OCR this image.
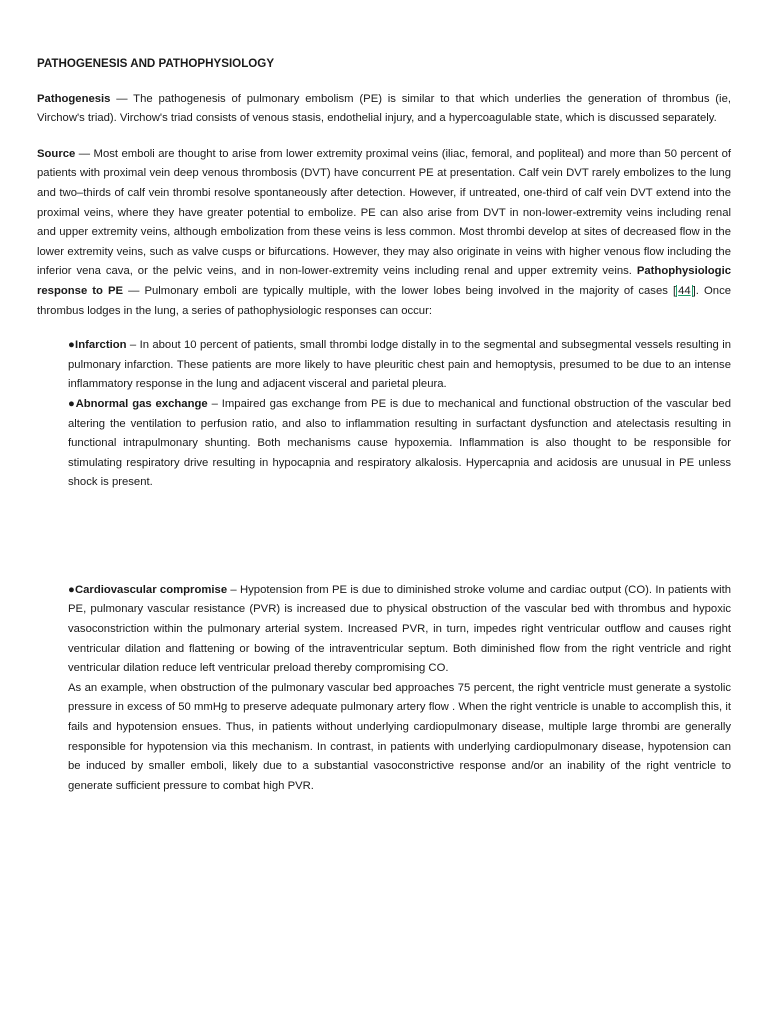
PATHOGENESIS AND PATHOPHYSIOLOGY

Pathogenesis — The pathogenesis of pulmonary embolism (PE) is similar to that which underlies the generation of thrombus (ie, Virchow's triad). Virchow's triad consists of venous stasis, endothelial injury, and a hypercoagulable state, which is discussed separately.

Source — Most emboli are thought to arise from lower extremity proximal veins (iliac, femoral, and popliteal) and more than 50 percent of patients with proximal vein deep venous thrombosis (DVT) have concurrent PE at presentation. Calf vein DVT rarely embolizes to the lung and two–thirds of calf vein thrombi resolve spontaneously after detection. However, if untreated, one-third of calf vein DVT extend into the proximal veins, where they have greater potential to embolize. PE can also arise from DVT in non-lower-extremity veins including renal and upper extremity veins, although embolization from these veins is less common. Most thrombi develop at sites of decreased flow in the lower extremity veins, such as valve cusps or bifurcations. However, they may also originate in veins with higher venous flow including the inferior vena cava, or the pelvic veins, and in non-lower-extremity veins including renal and upper extremity veins. Pathophysiologic response to PE — Pulmonary emboli are typically multiple, with the lower lobes being involved in the majority of cases [ 44 ]. Once thrombus lodges in the lung, a series of pathophysiologic responses can occur:

●Infarction – In about 10 percent of patients, small thrombi lodge distally in to the segmental and subsegmental vessels resulting in pulmonary infarction. These patients are more likely to have pleuritic chest pain and hemoptysis, presumed to be due to an intense inflammatory response in the lung and adjacent visceral and parietal pleura.

●Abnormal gas exchange – Impaired gas exchange from PE is due to mechanical and functional obstruction of the vascular bed altering the ventilation to perfusion ratio, and also to inflammation resulting in surfactant dysfunction and atelectasis resulting in functional intrapulmonary shunting. Both mechanisms cause hypoxemia. Inflammation is also thought to be responsible for stimulating respiratory drive resulting in hypocapnia and respiratory alkalosis. Hypercapnia and acidosis are unusual in PE unless shock is present.

●Cardiovascular compromise – Hypotension from PE is due to diminished stroke volume and cardiac output (CO). In patients with PE, pulmonary vascular resistance (PVR) is increased due to physical obstruction of the vascular bed with thrombus and hypoxic vasoconstriction within the pulmonary arterial system. Increased PVR, in turn, impedes right ventricular outflow and causes right ventricular dilation and flattening or bowing of the intraventricular septum. Both diminished flow from the right ventricle and right ventricular dilation reduce left ventricular preload thereby compromising CO.

As an example, when obstruction of the pulmonary vascular bed approaches 75 percent, the right ventricle must generate a systolic pressure in excess of 50 mmHg to preserve adequate pulmonary artery flow . When the right ventricle is unable to accomplish this, it fails and hypotension ensues. Thus, in patients without underlying cardiopulmonary disease, multiple large thrombi are generally responsible for hypotension via this mechanism. In contrast, in patients with underlying cardiopulmonary disease, hypotension can be induced by smaller emboli, likely due to a substantial vasoconstrictive response and/or an inability of the right ventricle to generate sufficient pressure to combat high PVR.
